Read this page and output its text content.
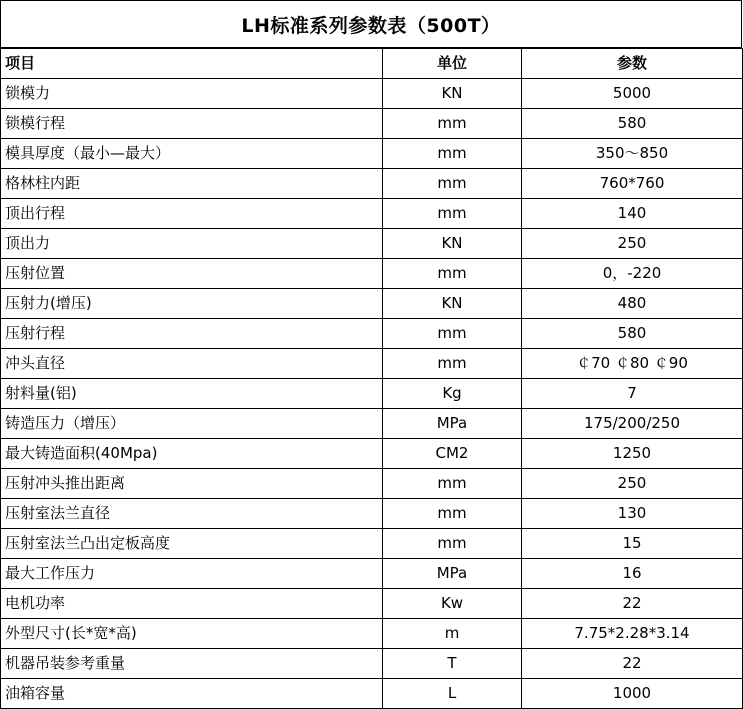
LH标准系列参数表（500T）
项目	单位	参数
锁模力	KN	5000
锁模行程	mm	580
模具厚度（最小—最大）	mm	350～850
格林柱内距	mm	760*760
顶出行程	mm	140
顶出力	KN	250
压射位置	mm	0，-220
压射力(增压)	KN	480
压射行程	mm	580
冲头直径	mm	￠70 ￠80 ￠90
射料量(铝)	Kg	7
铸造压力（增压）	MPa	175/200/250
最大铸造面积(40Mpa)	CM2	1250
压射冲头推出距离	mm	250
压射室法兰直径	mm	130
压射室法兰凸出定板高度	mm	15
最大工作压力	MPa	16
电机功率	Kw	22
外型尺寸(长*宽*高)	m	7.75*2.28*3.14
机器吊装参考重量	T	22
油箱容量	L	1000
